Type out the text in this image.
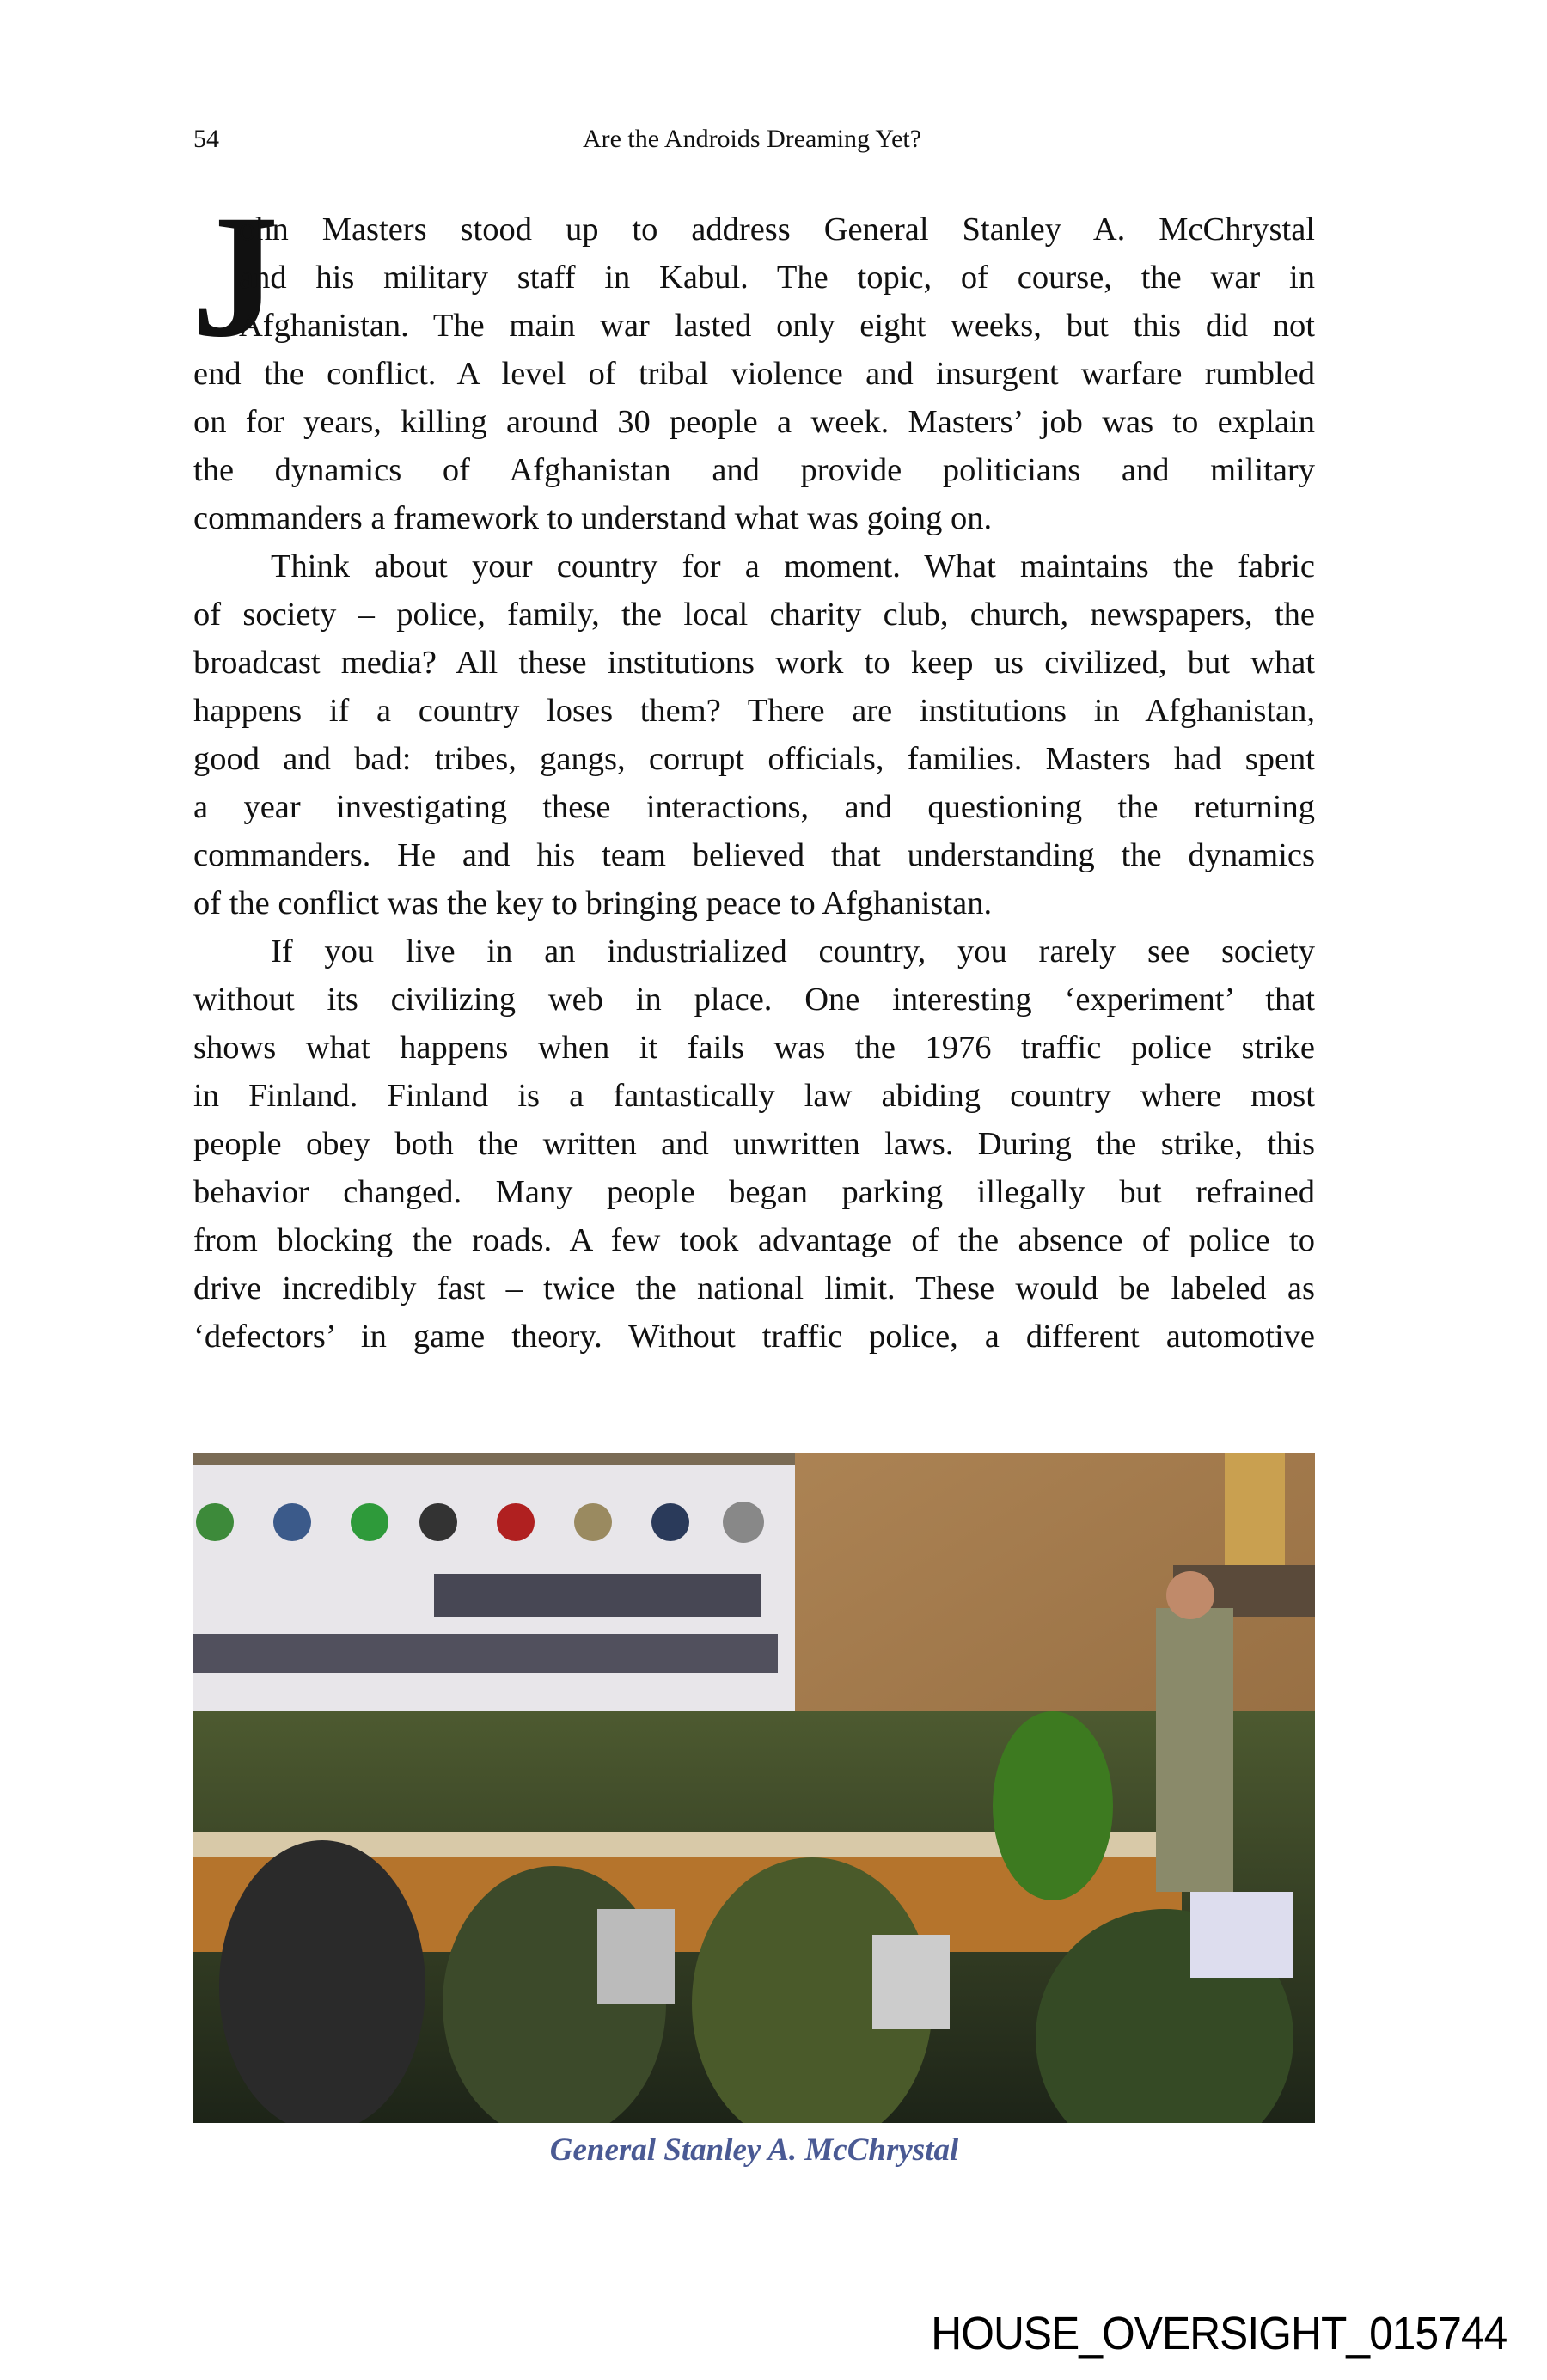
54	Are the Androids Dreaming Yet?
J
ohn Masters stood up to address General Stanley A. McChrystal
and his military staff in Kabul. The topic, of course, the war in
Afghanistan. The main war lasted only eight weeks, but this did not
end the conflict. A level of tribal violence and insurgent warfare rumbled
on for years, killing around 30 people a week. Masters’ job was to explain
the dynamics of Afghanistan and provide politicians and military
commanders a framework to understand what was going on.
Think about your country for a moment. What maintains the fabric
of society – police, family, the local charity club, church, newspapers, the
broadcast media? All these institutions work to keep us civilized, but what
happens if a country loses them? There are institutions in Afghanistan,
good and bad: tribes, gangs, corrupt officials, families. Masters had spent
a year investigating these interactions, and questioning the returning
commanders. He and his team believed that understanding the dynamics
of the conflict was the key to bringing peace to Afghanistan.
If you live in an industrialized country, you rarely see society
without its civilizing web in place. One interesting ‘experiment’ that
shows what happens when it fails was the 1976 traffic police strike
in Finland. Finland is a fantastically law abiding country where most
people obey both the written and unwritten laws. During the strike, this
behavior changed. Many people began parking illegally but refrained
from blocking the roads. A few took advantage of the absence of police to
drive incredibly fast – twice the national limit. These would be labeled as
‘defectors’ in game theory. Without traffic police, a different automotive
General Stanley A. McChrystal
HOUSE_OVERSIGHT_015744
